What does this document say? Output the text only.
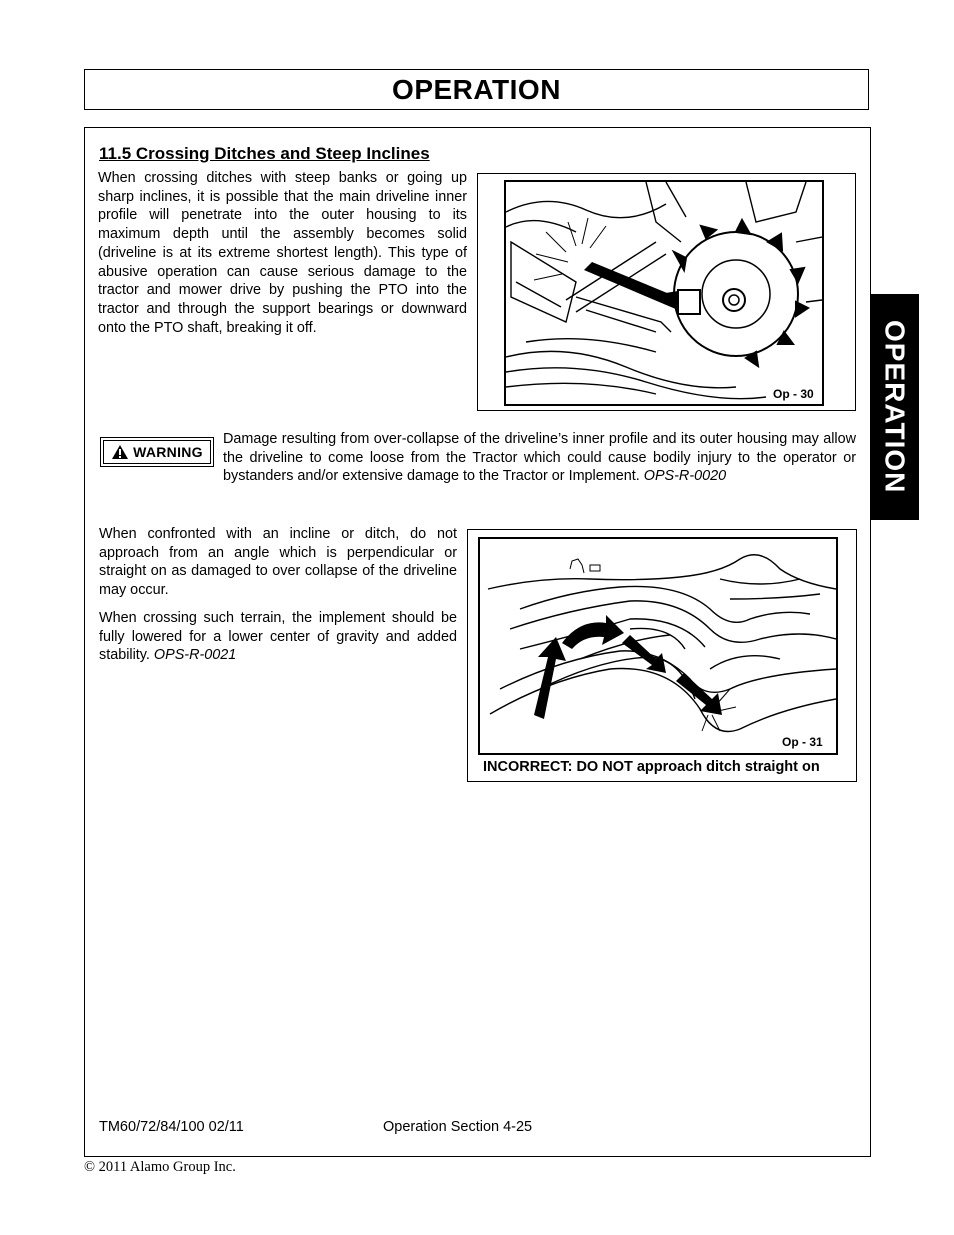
OPERATION
OPERATION
11.5 Crossing Ditches and Steep Inclines

When crossing ditches with steep banks or going up sharp inclines, it is possible that the main driveline inner profile will penetrate into the outer housing to its maximum depth until the assembly becomes solid (driveline is at its extreme shortest length). This type of abusive operation can cause serious damage to the tractor and mower drive by pushing the PTO into the tractor and through the support bearings or downward onto the PTO shaft, breaking it off.

Op - 30
WARNING

Damage resulting from over-collapse of the driveline’s inner profile and its outer housing may allow the driveline to come loose from the Tractor which could cause bodily injury to the operator or bystanders and/or extensive damage to the Tractor or Implement. OPS-R-0020

When confronted with an incline or ditch, do not approach from an angle which is perpendicular or straight on as damaged to over collapse of the driveline may occur.

When crossing such terrain, the implement should be fully lowered for a lower center of gravity and added stability. OPS-R-0021

Op - 31
INCORRECT: DO NOT approach ditch straight on
TM60/72/84/100 02/11	Operation Section 4-25
© 2011 Alamo Group Inc.
